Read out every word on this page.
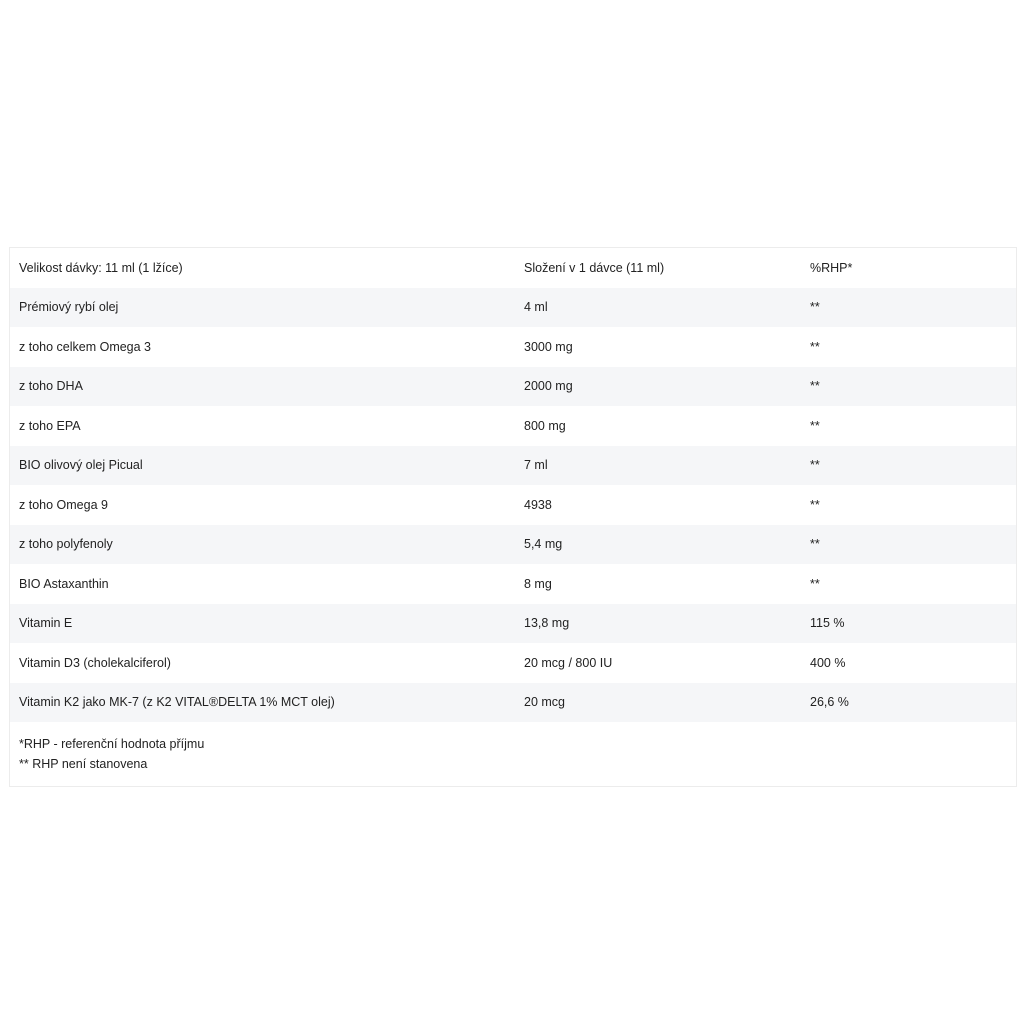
Velikost dávky: 11 ml (1 lžíce)	Složení v 1 dávce (11 ml)	%RHP*
Prémiový rybí olej	4 ml	**
z toho celkem Omega 3	3000 mg	**
z toho DHA	2000 mg	**
z toho EPA	800 mg	**
BIO olivový olej Picual	7 ml	**
z toho Omega 9	4938	**
z toho polyfenoly	5,4 mg	**
BIO Astaxanthin	8 mg	**
Vitamin E	13,8 mg	115 %
Vitamin D3 (cholekalciferol)	20 mcg / 800 IU	400 %
Vitamin K2 jako MK-7 (z K2 VITAL®DELTA 1% MCT olej)	20 mcg	26,6 %
*RHP - referenční hodnota příjmu
** RHP není stanovena
